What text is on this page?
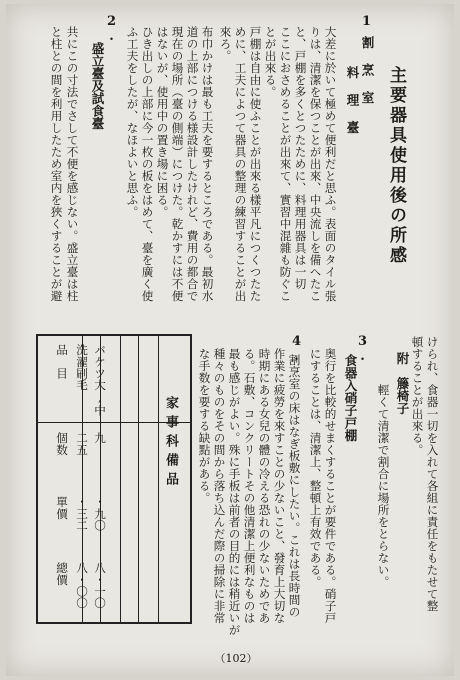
主要器具使用後の所感
1.
割 烹 室
料 理 臺
大差に於いて極めて便利だと思ふ。表面のタイル張
りは、清潔を保つことが出來、中央流しを備へたこ
と、戸棚を多くとつたために、料理用器具は一切
ここにおさめることが出來て、實習中混雜も防ぐこ
とが出來る。
戸棚は自由に使ふことが出來る樣平凡につくつたた
めに、工夫によつて器具の整理の練習することが出
來ろ。
布巾かけは最も工夫を要するところである。最初水
道の上部につける様設計したけれど、費用の都合で
現在の場所（臺の側端）につけた。乾かすには不便
はないが、使用中の置き場に困る。
ひき出しの上部に今一枚の板をはめて、臺を廣く使
ふ工夫をしたが、なほよいと思ふ。
2.
盛立臺及試食臺
共にこの寸法でさして不便を感じない。盛立臺は柱
と柱との間を利用したため室内を狹くすることが避
けられ、食器一切を入れて各組に責任をもたせて整
頓することが出來る。
附　籐椅子
輕くて清潔で割合に場所をとらない。
3.
食器入硝子戸棚
奥行を比較的せまくすることが要件である。硝子戸
にすることは、清潔上、整頓上有效である。
4.
割烹室の床はなぎ板敷にしたい。これは長時間の
作業に疲勞を來すことの少ないこと、發育上大切な
時期にある女兒の體の冷える恐れの少ないためであ
る。石敷、コンクリートその他清潔上便利なものは
最も感じがよい。殊に手板は前者の目的には稍近いが
種々のものをその間から落ち込んだ際の掃除に非常
な手数を要する缺點がある。
家事科備品
品　目
個数
單價
總價
洗濯刷毛
二五
・三二
八・〇〇
バケツ大,中
九
・九〇
八・一〇
（102）
